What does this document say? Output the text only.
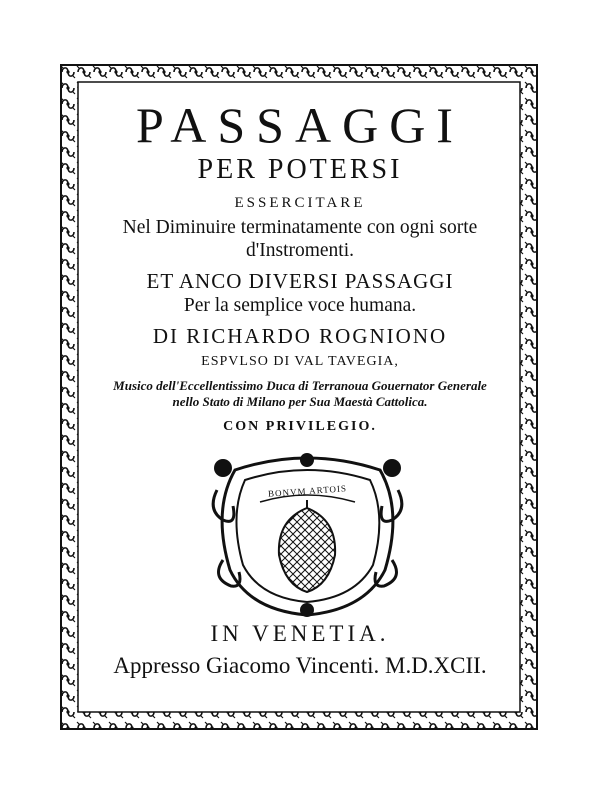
PASSAGGI
PER POTERSI
ESSERCITARE
Nel Diminuire terminatamente con ogni sorte
d'Instromenti.
ET ANCO DIVERSI PASSAGGI
Per la semplice voce humana.
DI RICHARDO ROGNIONO
ESPVLSO DI VAL TAVEGIA,
Musico dell'Eccellentissimo Duca di Terranoua Gouernator Generale
nello Stato di Milano per Sua Maestà Cattolica.
CON PRIVILEGIO.
BONVM ARTOIS
IN VENETIA.
Appresso Giacomo Vincenti. M.D.XCII.
